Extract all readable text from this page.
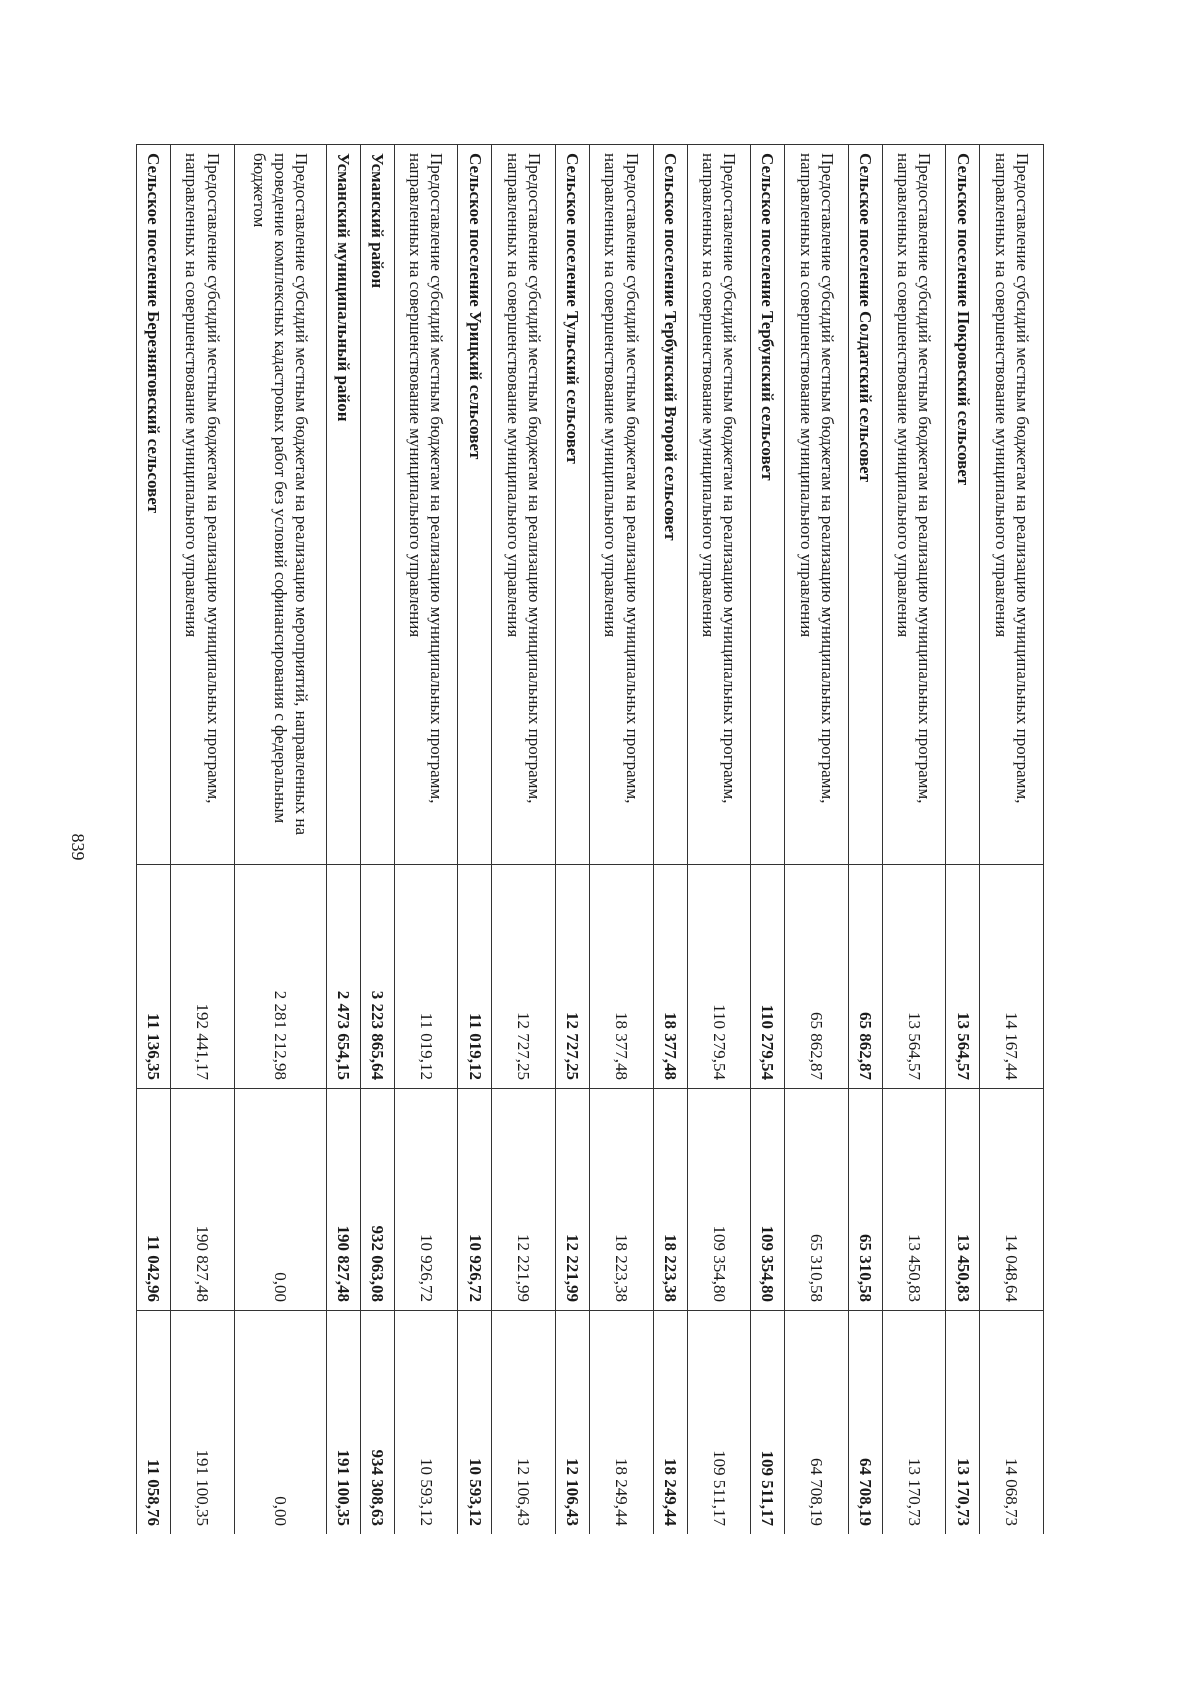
839
Предоставление субсидий местным бюджетам на реализацию муниципальных программ, направленных на совершенствование муниципального управления	14 167,44	14 048,64	14 068,73
Сельское поселение Покровский сельсовет	13 564,57	13 450,83	13 170,73
Предоставление субсидий местным бюджетам на реализацию муниципальных программ, направленных на совершенствование муниципального управления	13 564,57	13 450,83	13 170,73
Сельское поселение Солдатский сельсовет	65 862,87	65 310,58	64 708,19
Предоставление субсидий местным бюджетам на реализацию муниципальных программ, направленных на совершенствование муниципального управления	65 862,87	65 310,58	64 708,19
Сельское поселение Тербунский сельсовет	110 279,54	109 354,80	109 511,17
Предоставление субсидий местным бюджетам на реализацию муниципальных программ, направленных на совершенствование муниципального управления	110 279,54	109 354,80	109 511,17
Сельское поселение Тербунский Второй сельсовет	18 377,48	18 223,38	18 249,44
Предоставление субсидий местным бюджетам на реализацию муниципальных программ, направленных на совершенствование муниципального управления	18 377,48	18 223,38	18 249,44
Сельское поселение Тульский сельсовет	12 727,25	12 221,99	12 106,43
Предоставление субсидий местным бюджетам на реализацию муниципальных программ, направленных на совершенствование муниципального управления	12 727,25	12 221,99	12 106,43
Сельское поселение Урицкий сельсовет	11 019,12	10 926,72	10 593,12
Предоставление субсидий местным бюджетам на реализацию муниципальных программ, направленных на совершенствование муниципального управления	11 019,12	10 926,72	10 593,12
Усманский район	3 223 865,64	932 063,08	934 308,63
Усманский муниципальный район	2 473 654,15	190 827,48	191 100,35
Предоставление субсидий местным бюджетам на реализацию мероприятий, направленных на проведение комплексных кадастровых работ без условий софинансирования с федеральным бюджетом	2 281 212,98	0,00	0,00
Предоставление субсидий местным бюджетам на реализацию муниципальных программ, направленных на совершенствование муниципального управления	192 441,17	190 827,48	191 100,35
Сельское поселение Березняговский сельсовет	11 136,35	11 042,96	11 058,76
